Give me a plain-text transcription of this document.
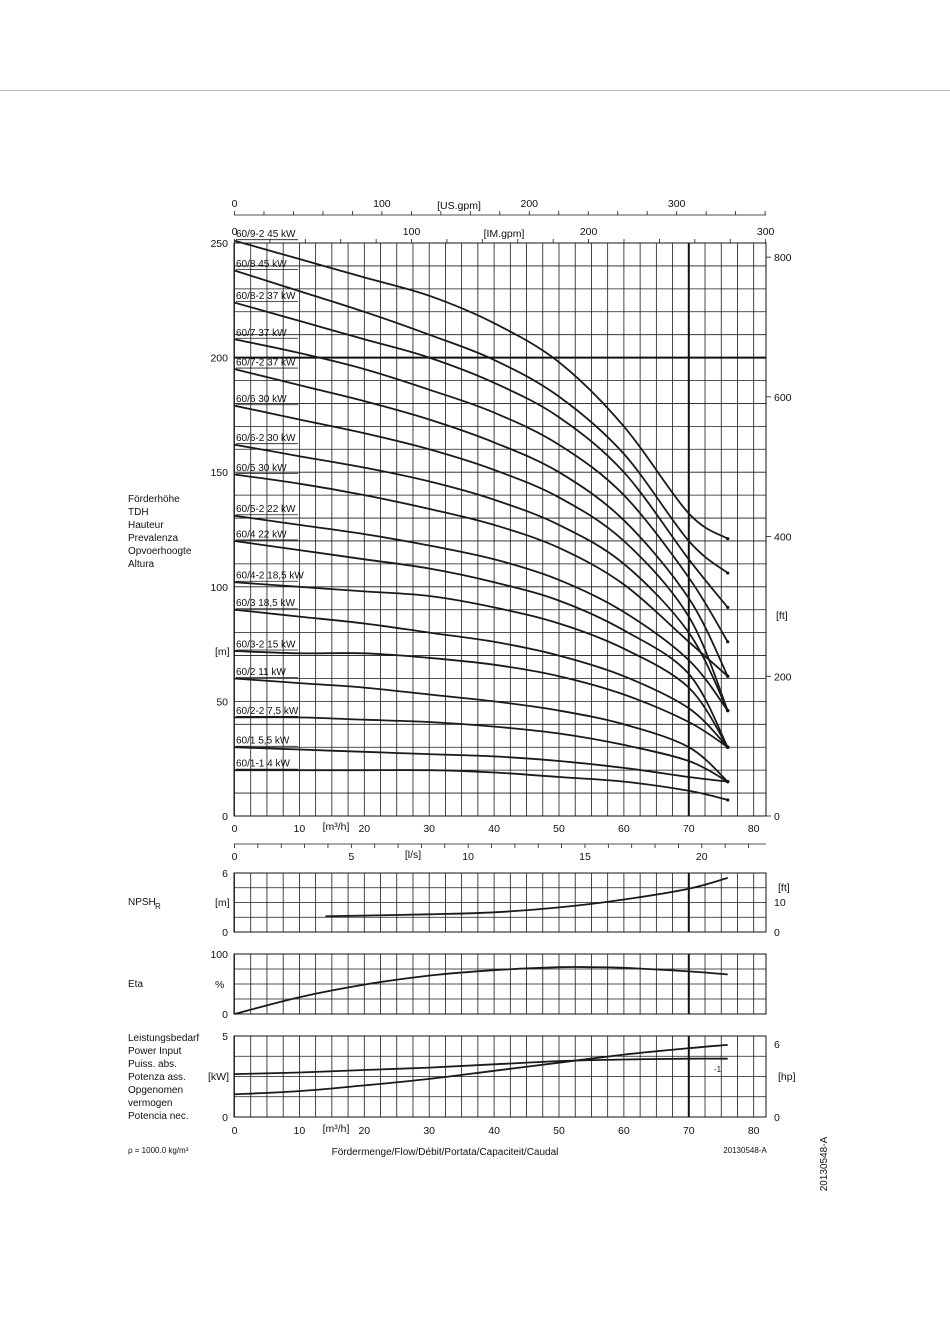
60/9-2 45 kW
60/8 45 kW
60/8-2 37 kW
60/7 37 kW
60/7-2 37 kW
60/6 30 kW
60/6-2 30 kW
60/5 30 kW
60/5-2 22 kW
60/4 22 kW
60/4-2 18,5 kW
60/3 18,5 kW
60/3-2 15 kW
60/2 11 kW
60/2-2 7,5 kW
60/1 5,5 kW
60/1-1 4 kW
0
50
100
150
200
250
0
200
400
600
800
[ft]
[m]
Förderhöhe TDH Hauteur Prevalenza Opvoerhoogte Altura
0	100	200	300
[US.gpm]
0	100	200	300
[IM.gpm]
0	10	20	30	40	50	60	70	80
[m³/h]
0	10	20	30	40	50	60	70	80
[m³/h]
0	5	10	15	20
[l/s]
NPSH R	[m]
0
6
[ft]
0
10
Eta	%
0
100
Leistungsbedarf Power Input Puiss. abs. Potenza ass. Opgenomen vermogen Potencia nec.
[kW]
0
5
[hp]
0
6
-1
ρ = 1000.0 kg/m³	Fördermenge/Flow/Débit/Portata/Capaciteit/Caudal	20130548-A	20130548-A
